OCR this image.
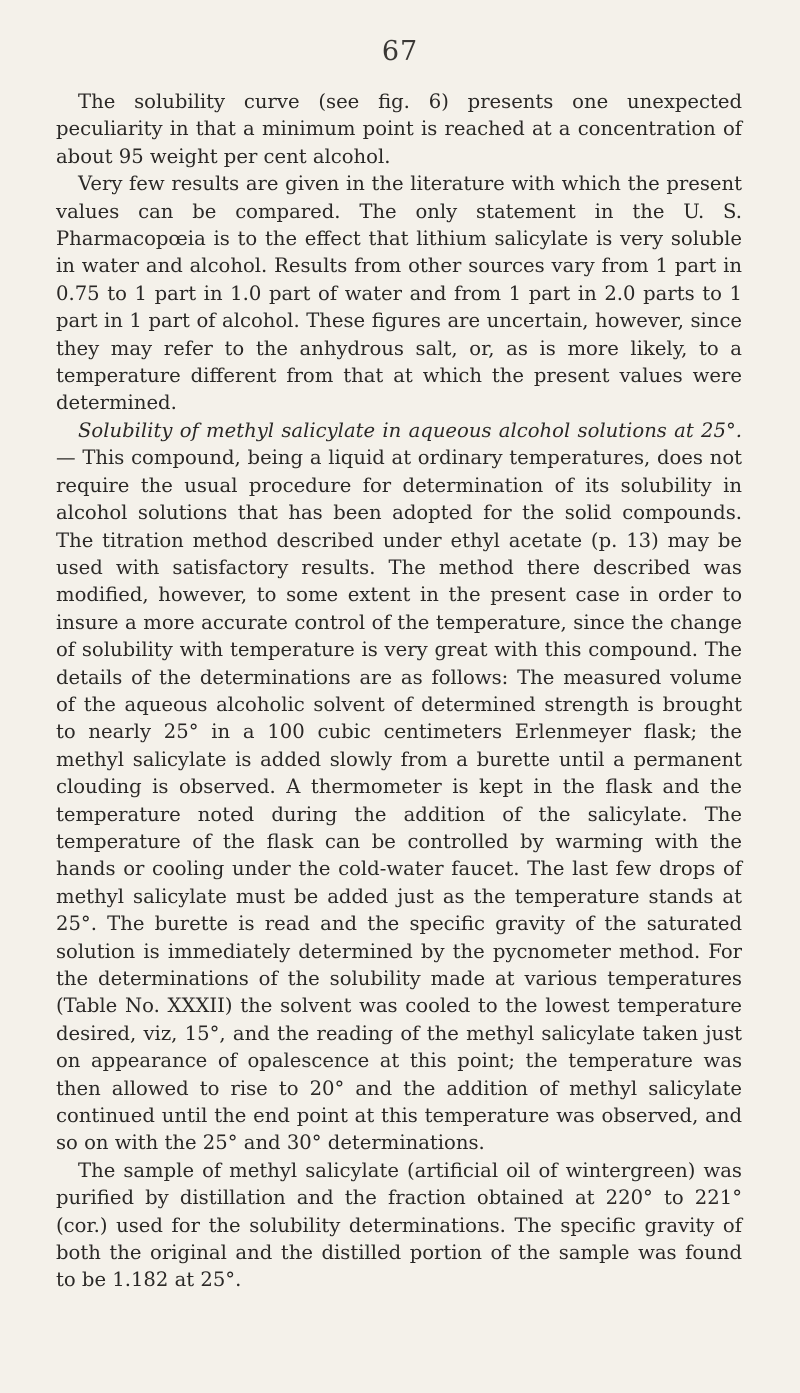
67

The solubility curve (see fig. 6) presents one unexpected peculiarity in that a minimum point is reached at a concentration of about 95 weight per cent alcohol.

Very few results are given in the literature with which the present values can be compared. The only statement in the U. S. Pharmacopœia is to the effect that lithium salicylate is very soluble in water and alcohol. Results from other sources vary from 1 part in 0.75 to 1 part in 1.0 part of water and from 1 part in 2.0 parts to 1 part in 1 part of alcohol. These figures are uncertain, however, since they may refer to the anhydrous salt, or, as is more likely, to a temperature different from that at which the present values were determined.

Solubility of methyl salicylate in aqueous alcohol solutions at 25°.— This compound, being a liquid at ordinary temperatures, does not require the usual procedure for determination of its solubility in alcohol solutions that has been adopted for the solid compounds. The titration method described under ethyl acetate (p. 13) may be used with satisfactory results. The method there described was modified, however, to some extent in the present case in order to insure a more accurate control of the temperature, since the change of solubility with temperature is very great with this compound. The details of the determinations are as follows: The measured volume of the aqueous alcoholic solvent of determined strength is brought to nearly 25° in a 100 cubic centimeters Erlenmeyer flask; the methyl salicylate is added slowly from a burette until a permanent clouding is observed. A thermometer is kept in the flask and the temperature noted during the addition of the salicylate. The temperature of the flask can be controlled by warming with the hands or cooling under the cold-water faucet. The last few drops of methyl salicylate must be added just as the temperature stands at 25°. The burette is read and the specific gravity of the saturated solution is immediately determined by the pycnometer method. For the determinations of the solubility made at various temperatures (Table No. XXXII) the solvent was cooled to the lowest temperature desired, viz, 15°, and the reading of the methyl salicylate taken just on appearance of opalescence at this point; the temperature was then allowed to rise to 20° and the addition of methyl salicylate continued until the end point at this temperature was observed, and so on with the 25° and 30° determinations.

The sample of methyl salicylate (artificial oil of wintergreen) was purified by distillation and the fraction obtained at 220° to 221° (cor.) used for the solubility determinations. The specific gravity of both the original and the distilled portion of the sample was found to be 1.182 at 25°.
